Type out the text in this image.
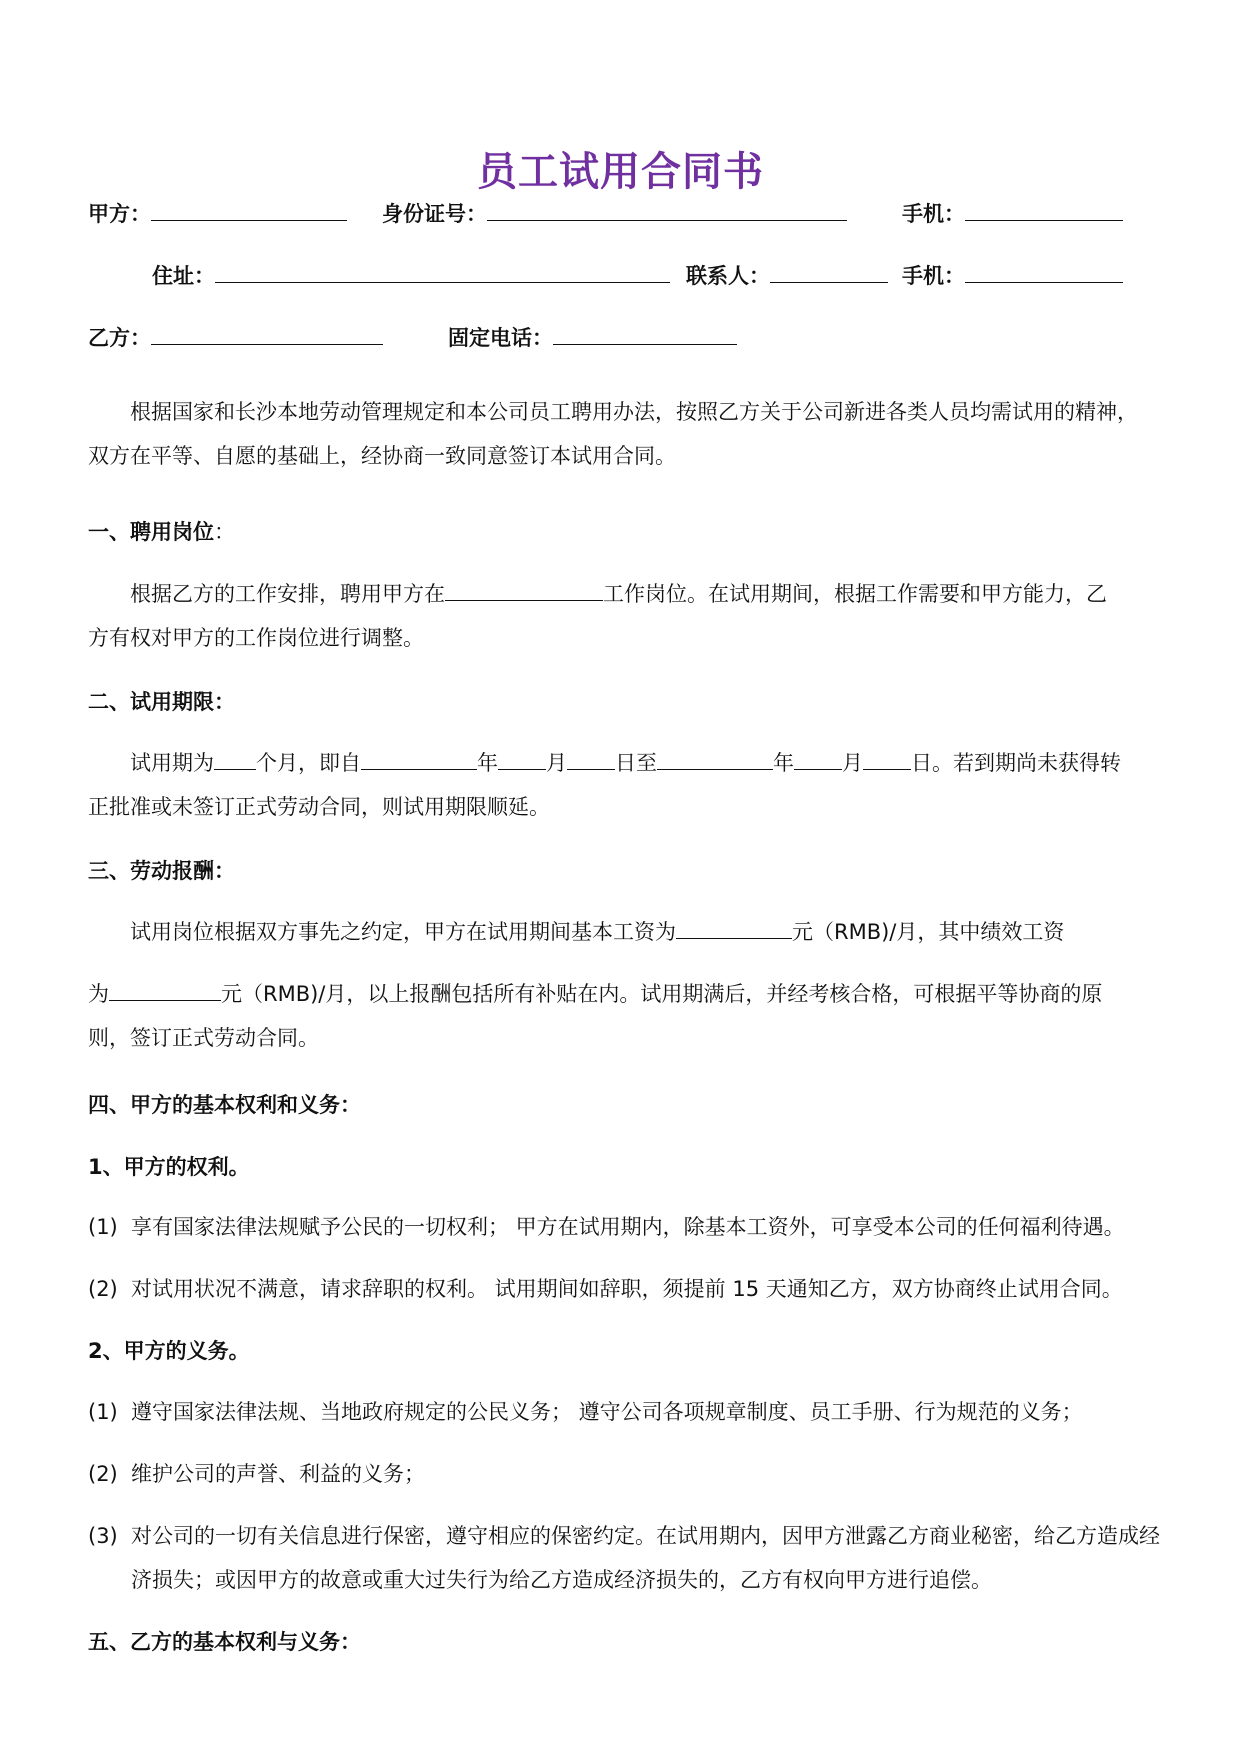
员工试用合同书
甲方：	身份证号：	手机：
住址：	联系人：	手机：
乙方：	固定电话：
根据国家和长沙本地劳动管理规定和本公司员工聘用办法，按照乙方关于公司新进各类人员均需试用的精神，
双方在平等、自愿的基础上，经协商一致同意签订本试用合同。
一、聘用岗位：
根据乙方的工作安排，聘用甲方在	工作岗位。在试用期间，根据工作需要和甲方能力，乙
方有权对甲方的工作岗位进行调整。
二、试用期限：
试用期为 个月，即自	年 月 日至	年 月 日。若到期尚未获得转
正批准或未签订正式劳动合同，则试用期限顺延。
三、劳动报酬：
试用岗位根据双方事先之约定，甲方在试用期间基本工资为	元（RMB)/月，其中绩效工资
为	元（RMB)/月，以上报酬包括所有补贴在内。试用期满后，并经考核合格，可根据平等协商的原
则，签订正式劳动合同。
四、甲方的基本权利和义务：
1、甲方的权利。
(1) 享有国家法律法规赋予公民的一切权利； 甲方在试用期内，除基本工资外，可享受本公司的任何福利待遇。
(2) 对试用状况不满意，请求辞职的权利。 试用期间如辞职，须提前 15 天通知乙方，双方协商终止试用合同。
2、甲方的义务。
(1) 遵守国家法律法规、当地政府规定的公民义务； 遵守公司各项规章制度、员工手册、行为规范的义务；
(2) 维护公司的声誉、利益的义务；
(3) 对公司的一切有关信息进行保密，遵守相应的保密约定。在试用期内，因甲方泄露乙方商业秘密，给乙方造成经济损失；或因甲方的故意或重大过失行为给乙方造成经济损失的，乙方有权向甲方进行追偿。
五、乙方的基本权利与义务：
